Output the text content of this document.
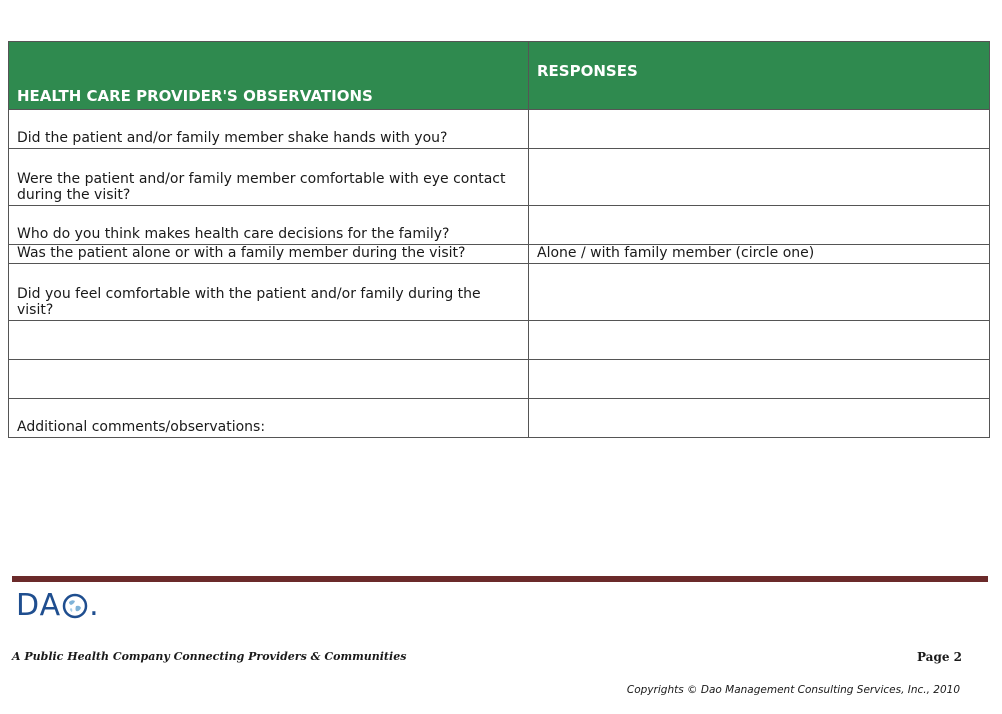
HEALTH CARE PROVIDER'S OBSERVATIONS	RESPONSES
Did the patient and/or family member shake hands with you?	
Were the patient and/or family member comfortable with eye contact during the visit?	
Who do you think makes health care decisions for the family?	
Was the patient alone or with a family member during the visit?	Alone / with family member (circle one)
Did you feel comfortable with the patient and/or family during the visit?	

Additional comments/observations:	
DA .
A Public Health Company Connecting Providers & Communities	Page 2
Copyrights © Dao Management Consulting Services, Inc., 2010
